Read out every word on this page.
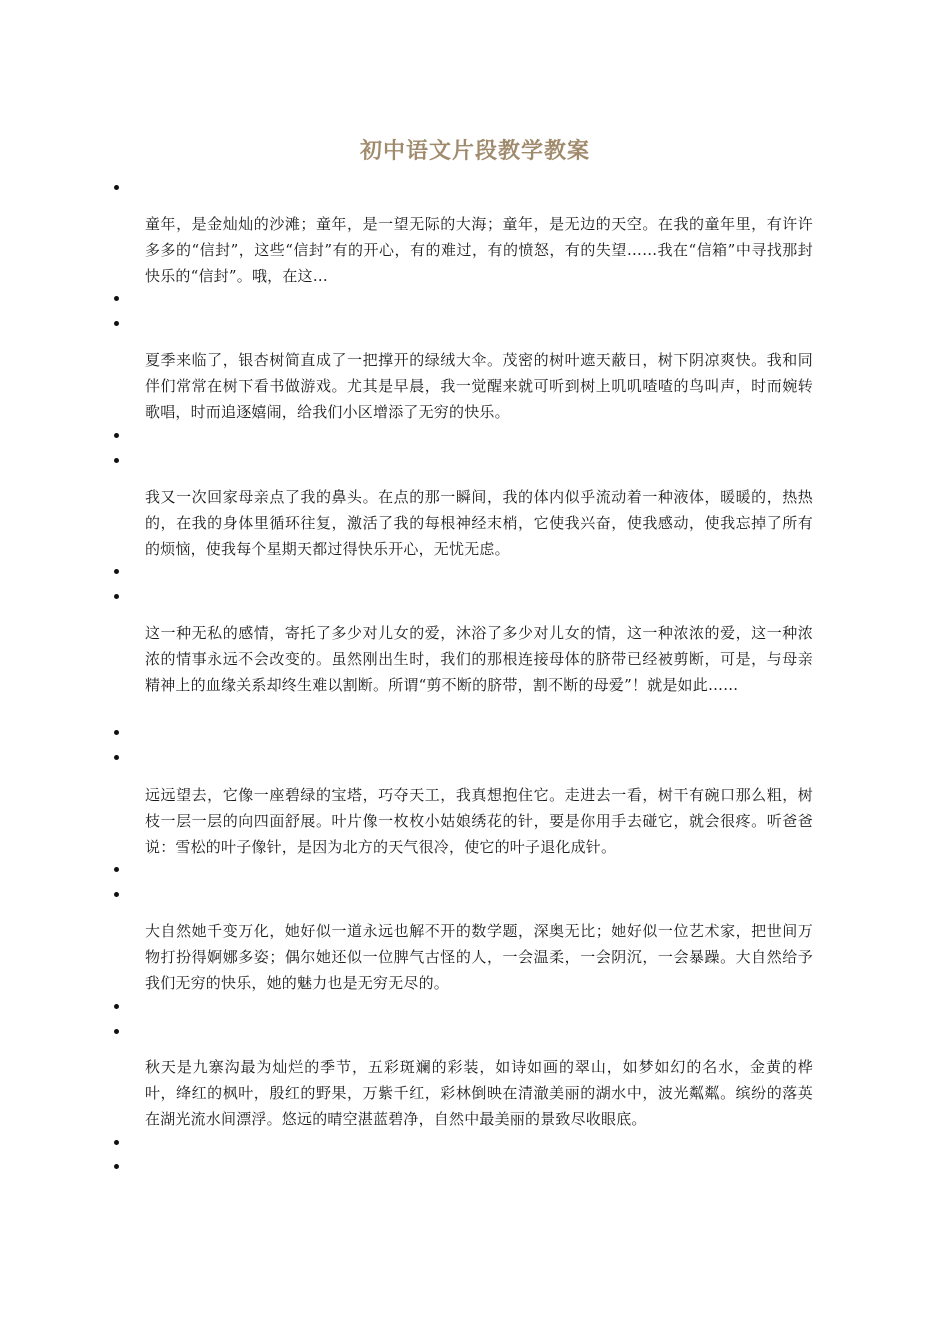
初中语文片段教学教案

童年，是金灿灿的沙滩；童年，是一望无际的大海；童年，是无边的天空。在我的童年里，有许许多多的“信封”，这些“信封”有的开心，有的难过，有的愤怒，有的失望……我在“信箱”中寻找那封快乐的“信封”。哦，在这…

夏季来临了，银杏树简直成了一把撑开的绿绒大伞。茂密的树叶遮天蔽日，树下阴凉爽快。我和同伴们常常在树下看书做游戏。尤其是早晨，我一觉醒来就可听到树上叽叽喳喳的鸟叫声，时而婉转歌唱，时而追逐嬉闹，给我们小区增添了无穷的快乐。

我又一次回家母亲点了我的鼻头。在点的那一瞬间，我的体内似乎流动着一种液体，暖暖的，热热的，在我的身体里循环往复，激活了我的每根神经末梢，它使我兴奋，使我感动，使我忘掉了所有的烦恼，使我每个星期天都过得快乐开心，无忧无虑。

这一种无私的感情，寄托了多少对儿女的爱，沐浴了多少对儿女的情，这一种浓浓的爱，这一种浓浓的情事永远不会改变的。虽然刚出生时，我们的那根连接母体的脐带已经被剪断，可是，与母亲精神上的血缘关系却终生难以割断。所谓“剪不断的脐带，割不断的母爱”！就是如此……

远远望去，它像一座碧绿的宝塔，巧夺天工，我真想抱住它。走进去一看，树干有碗口那么粗，树枝一层一层的向四面舒展。叶片像一枚枚小姑娘绣花的针，要是你用手去碰它，就会很疼。听爸爸说：雪松的叶子像针，是因为北方的天气很冷，使它的叶子退化成针。

大自然她千变万化，她好似一道永远也解不开的数学题，深奥无比；她好似一位艺术家，把世间万物打扮得婀娜多姿；偶尔她还似一位脾气古怪的人，一会温柔，一会阴沉，一会暴躁。大自然给予我们无穷的快乐，她的魅力也是无穷无尽的。

秋天是九寨沟最为灿烂的季节，五彩斑斓的彩装，如诗如画的翠山，如梦如幻的名水，金黄的桦叶，绛红的枫叶，殷红的野果，万紫千红，彩林倒映在清澈美丽的湖水中，波光粼粼。缤纷的落英在湖光流水间漂浮。悠远的晴空湛蓝碧净，自然中最美丽的景致尽收眼底。
